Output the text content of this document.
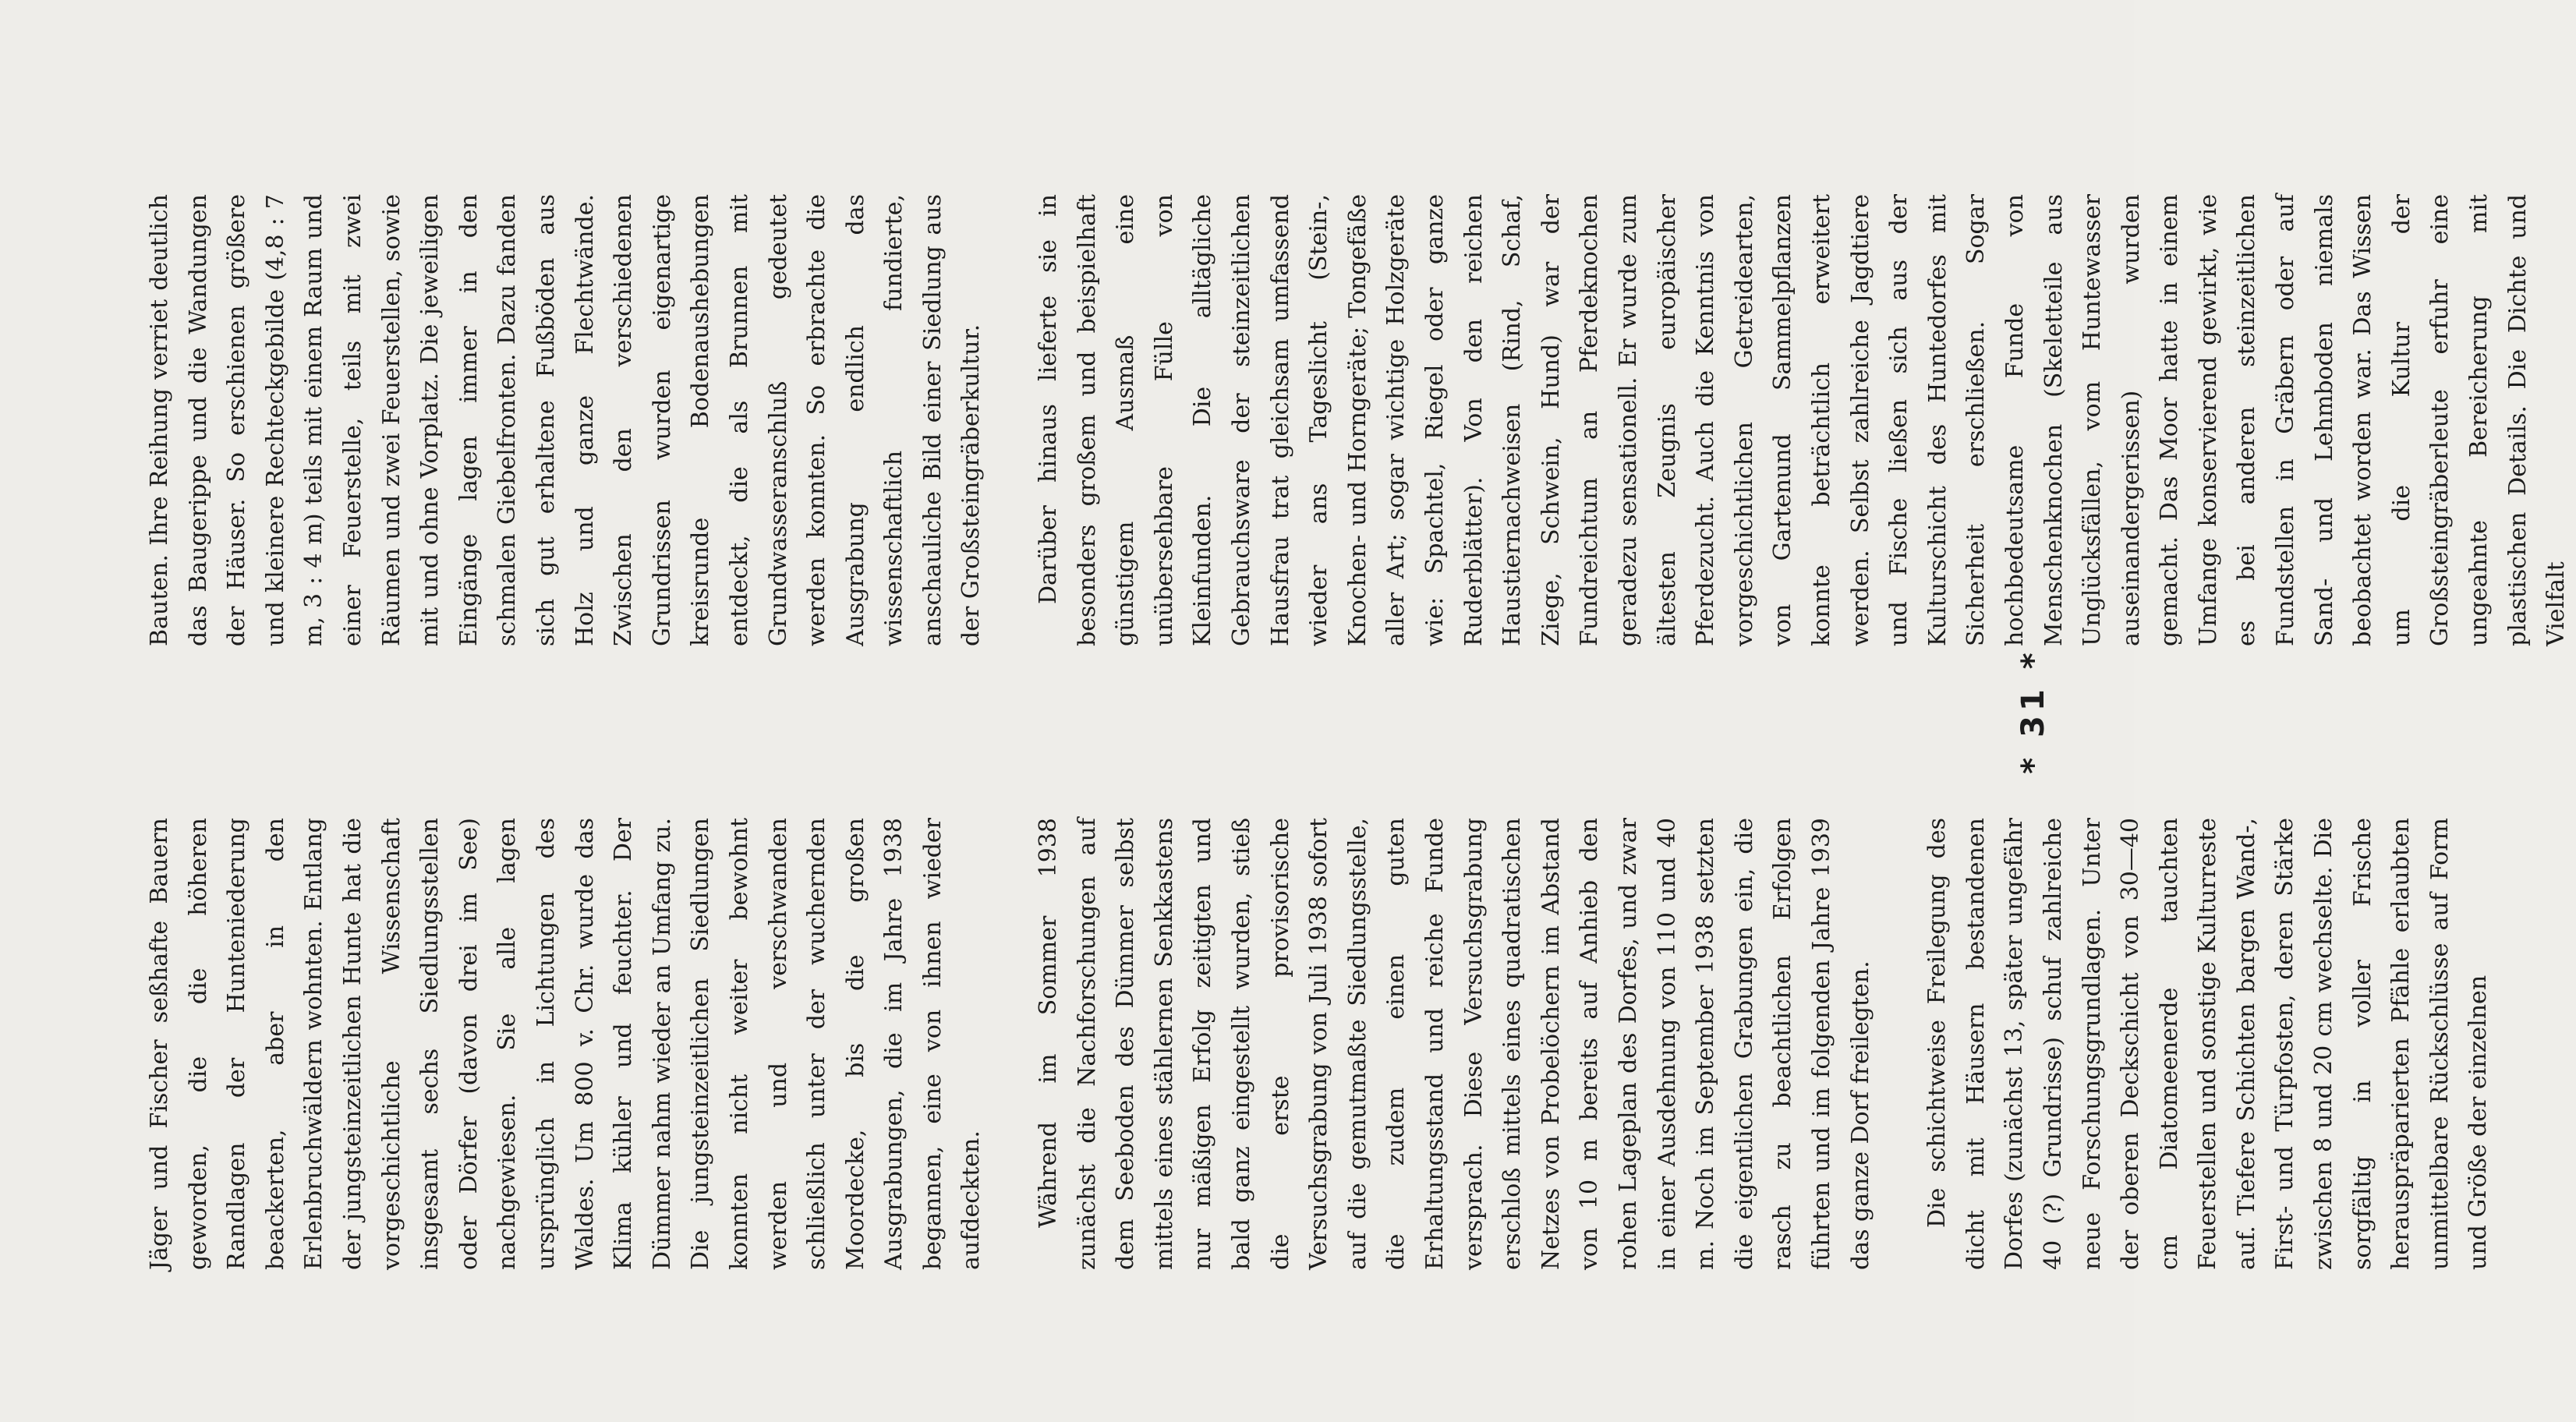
Jäger und Fischer seßhafte Bauern geworden, die die höheren Randlagen der Hunteniederung beackerten, aber in den Erlenbruchwäldern wohnten. Entlang der jungsteinzeitlichen Hunte hat die vorgeschichtliche Wissenschaft insgesamt sechs Siedlungsstellen oder Dörfer (davon drei im See) nachgewiesen. Sie alle lagen ursprünglich in Lichtungen des Waldes. Um 800 v. Chr. wurde das Klima kühler und feuchter. Der Dümmer nahm wieder an Umfang zu. Die jungsteinzeitlichen Siedlungen konnten nicht weiter bewohnt werden und verschwanden schließlich unter der wuchernden Moordecke, bis die großen Ausgrabungen, die im Jahre 1938 begannen, eine von ihnen wieder aufdeckten. Während im Sommer 1938 zunächst die Nachforschungen auf dem Seeboden des Dümmer selbst mittels eines stählernen Senkkastens nur mäßigen Erfolg zeitigten und bald ganz eingestellt wurden, stieß die erste provisorische Versuchsgrabung von Juli 1938 sofort auf die gemutmaßte Siedlungsstelle, die zudem einen guten Erhaltungsstand und reiche Funde versprach. Diese Versuchsgrabung erschloß mittels eines quadratischen Netzes von Probelöchern im Abstand von 10 m bereits auf Anhieb den rohen Lageplan des Dorfes, und zwar in einer Ausdehnung von 110 und 40 m. Noch im September 1938 setzten die eigentlichen Grabungen ein, die rasch zu beachtlichen Erfolgen führten und im folgenden Jahre 1939 das ganze Dorf freilegten. Die schichtweise Freilegung des dicht mit Häusern bestandenen Dorfes (zunächst 13, später ungefähr 40 (?) Grundrisse) schuf zahlreiche neue Forschungsgrundlagen. Unter der oberen Deckschicht von 30—40 cm Diatomeenerde tauchten Feuerstellen und sonstige Kulturreste auf. Tiefere Schichten bargen Wand-, First- und Türpfosten, deren Stärke zwischen 8 und 20 cm wechselte. Die sorgfältig in voller Frische herauspräparierten Pfähle erlaubten unmittelbare Rückschlüsse auf Form und Größe der einzelnen

Bauten. Ihre Reihung verriet deutlich das Baugerippe und die Wandungen der Häuser. So erschienen größere und kleinere Rechteckgebilde (4,8 : 7 m, 3 : 4 m) teils mit einem Raum und einer Feuerstelle, teils mit zwei Räumen und zwei Feuerstellen, sowie mit und ohne Vorplatz. Die jeweiligen Eingänge lagen immer in den schmalen Giebelfronten. Dazu fanden sich gut erhaltene Fußböden aus Holz und ganze Flechtwände. Zwischen den verschiedenen Grundrissen wurden eigenartige kreisrunde Bodenaushebungen entdeckt, die als Brunnen mit Grundwasseranschluß gedeutet werden konnten. So erbrachte die Ausgrabung endlich das wissenschaftlich fundierte, anschauliche Bild einer Siedlung aus der Großsteingräberkultur. Darüber hinaus lieferte sie in besonders großem und beispielhaft günstigem Ausmaß eine unübersehbare Fülle von Kleinfunden. Die alltägliche Gebrauchsware der steinzeitlichen Hausfrau trat gleichsam umfassend wieder ans Tageslicht (Stein-, Knochen- und Horngeräte; Tongefäße aller Art; sogar wichtige Holzgeräte wie: Spachtel, Riegel oder ganze Ruderblätter). Von den reichen Haustiernachweisen (Rind, Schaf, Ziege, Schwein, Hund) war der Fundreichtum an Pferdeknochen geradezu sensationell. Er wurde zum ältesten Zeugnis europäischer Pferdezucht. Auch die Kenntnis von vorgeschichtlichen Getreidearten, von Gartenund Sammelpflanzen konnte beträchtlich erweitert werden. Selbst zahlreiche Jagdtiere und Fische ließen sich aus der Kulturschicht des Huntedorfes mit Sicherheit erschließen. Sogar hochbedeutsame Funde von Menschenknochen (Skeletteile aus Unglücksfällen, vom Huntewasser auseinandergerissen) wurden gemacht. Das Moor hatte in einem Umfange konservierend gewirkt, wie es bei anderen steinzeitlichen Fundstellen in Gräbern oder auf Sand- und Lehmboden niemals beobachtet worden war. Das Wissen um die Kultur der Großsteingräberleute erfuhr eine ungeahnte Bereicherung mit plastischen Details. Die Dichte und Vielfalt

* 31 *
